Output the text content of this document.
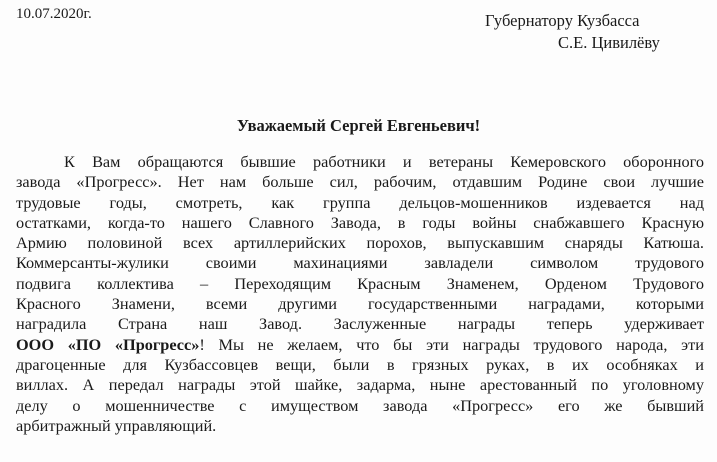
10.07.2020г.	Губернатору Кузбасса
С.Е. Цивилёву
Уважаемый Сергей Евгеньевич!
К Вам обращаются бывшие работники и ветераны Кемеровского оборонного
завода «Прогресс». Нет нам больше сил, рабочим, отдавшим Родине свои лучшие
трудовые годы, смотреть, как группа дельцов-мошенников издевается над
остатками, когда-то нашего Славного Завода, в годы войны снабжавшего Красную
Армию половиной всех артиллерийских порохов, выпускавшим снаряды Катюша.
Коммерсанты-жулики своими махинациями завладели символом трудового
подвига коллектива – Переходящим Красным Знаменем, Орденом Трудового
Красного Знамени, всеми другими государственными наградами, которыми
наградила Страна наш Завод. Заслуженные награды теперь удерживает
ООО «ПО «Прогресс»! Мы не желаем, что бы эти награды трудового народа, эти
драгоценные для Кузбассовцев вещи, были в грязных руках, в их особняках и
виллах. А передал награды этой шайке, задарма, ныне арестованный по уголовному
делу о мошенничестве с имуществом завода «Прогресс» его же бывший
арбитражный управляющий.
